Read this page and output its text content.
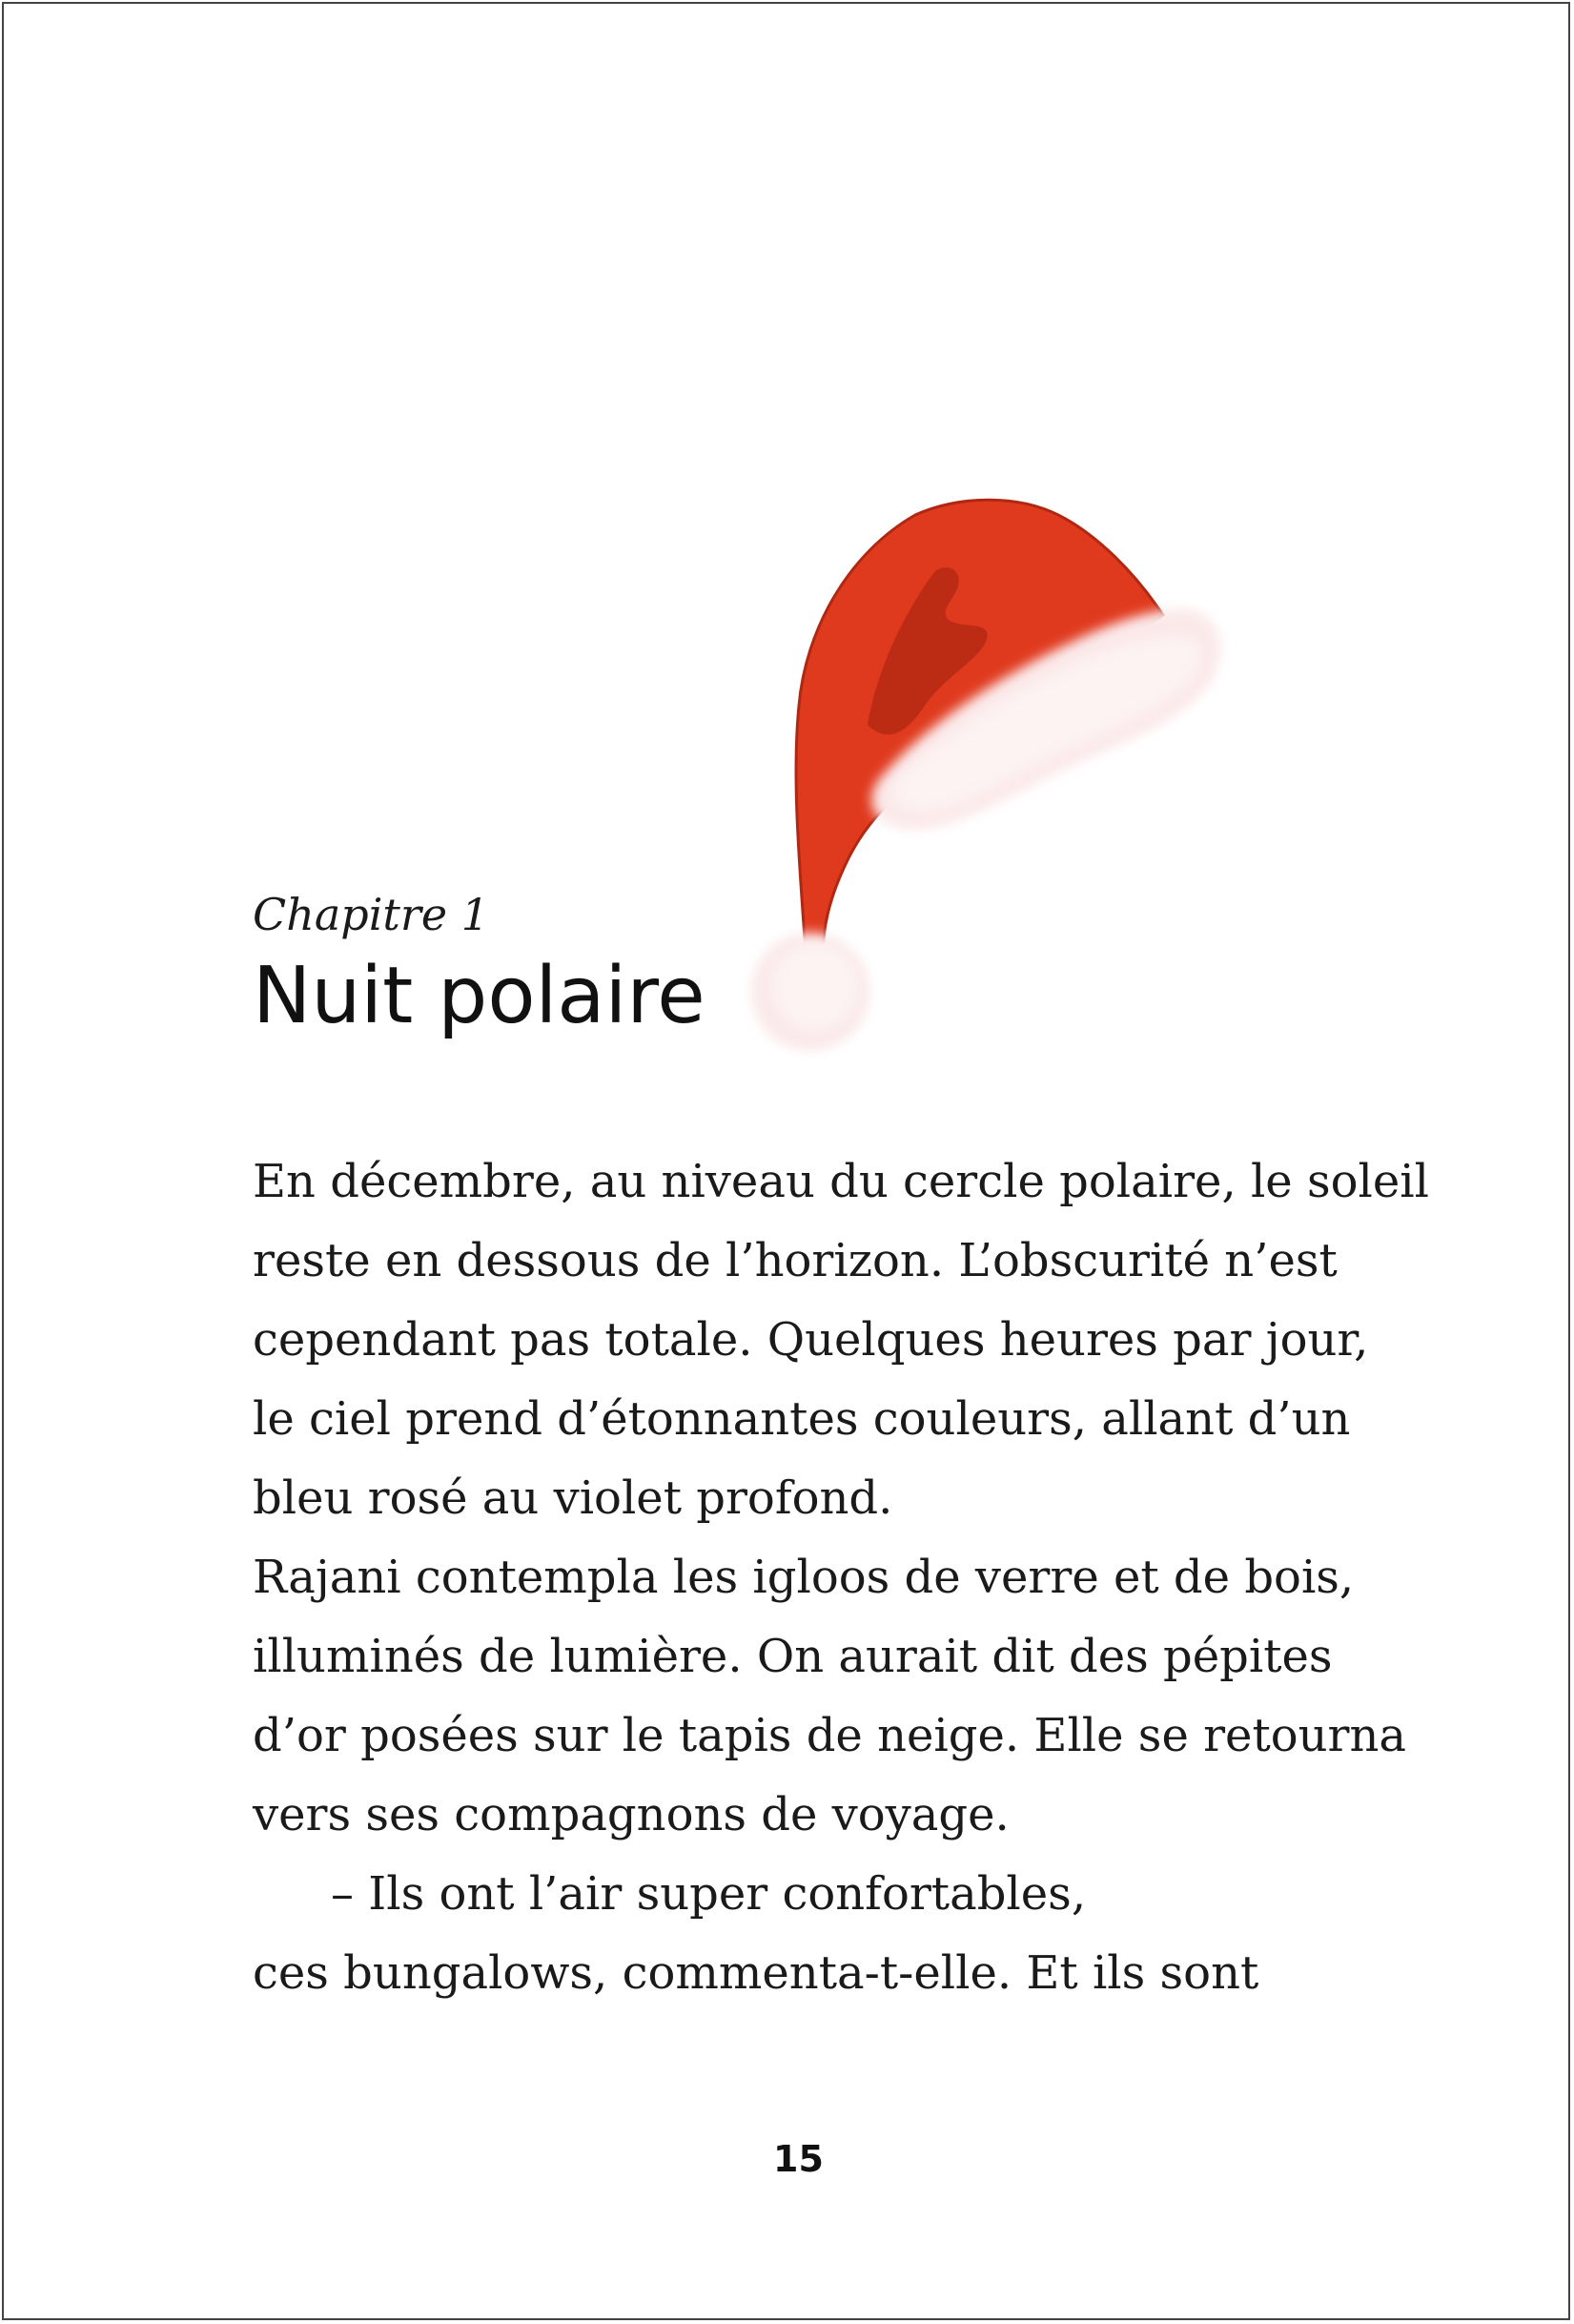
Chapitre 1

Nuit polaire
En décembre, au niveau du cercle polaire, le soleil
reste en dessous de l’horizon. L’obscurité n’est
cependant pas totale. Quelques heures par jour,
le ciel prend d’étonnantes couleurs, allant d’un
bleu rosé au violet profond.
Rajani contempla les igloos de verre et de bois,
illuminés de lumière. On aurait dit des pépites
d’or posées sur le tapis de neige. Elle se retourna
vers ses compagnons de voyage.
– Ils ont l’air super confortables,
ces bungalows, commenta-t-elle. Et ils sont
15
